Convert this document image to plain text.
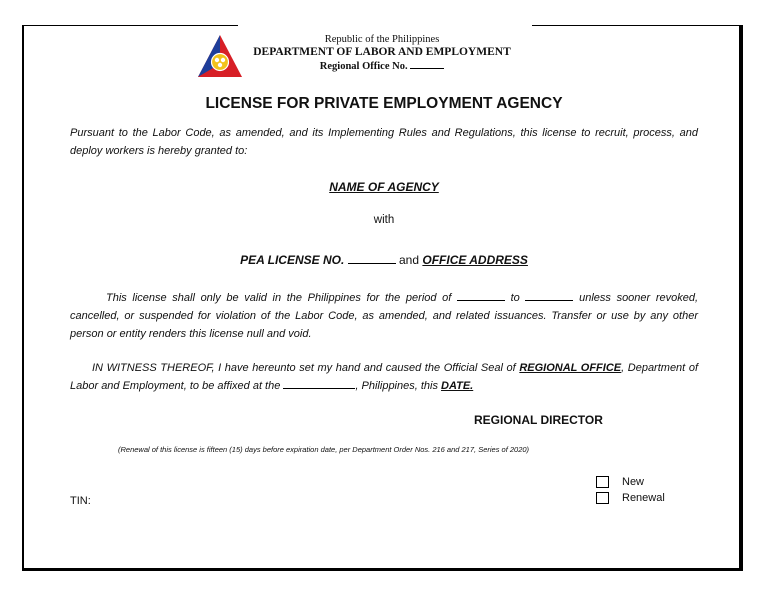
Republic of the Philippines
DEPARTMENT OF LABOR AND EMPLOYMENT
Regional Office No.
LICENSE FOR PRIVATE EMPLOYMENT AGENCY
Pursuant to the Labor Code, as amended, and its Implementing Rules and Regulations, this license to recruit, process, and deploy workers is hereby granted to:
NAME OF AGENCY
with
PEA LICENSE NO.	and OFFICE ADDRESS
This license shall only be valid in the Philippines for the period of	to	unless sooner revoked, cancelled, or suspended for violation of the Labor Code, as amended, and related issuances. Transfer or use by any other person or entity renders this license null and void.
IN WITNESS THEREOF, I have hereunto set my hand and caused the Official Seal of REGIONAL OFFICE, Department of Labor and Employment, to be affixed at the	, Philippines, this DATE.
REGIONAL DIRECTOR
(Renewal of this license is fifteen (15) days before expiration date, per Department Order Nos. 216 and 217, Series of 2020)
TIN:
New
Renewal
